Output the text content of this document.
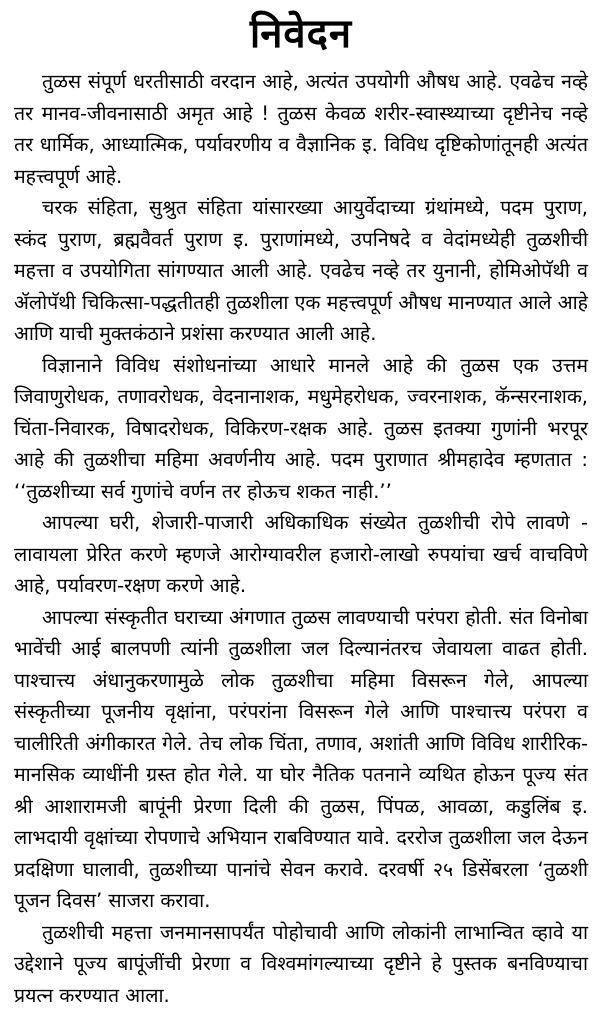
निवेदन

तुळस संपूर्ण धरतीसाठी वरदान आहे, अत्यंत उपयोगी औषध आहे. एवढेच नव्हे तर मानव-जीवनासाठी अमृत आहे ! तुळस केवळ शरीर-स्वास्थ्याच्या दृष्टीनेच नव्हे तर धार्मिक, आध्यात्मिक, पर्यावरणीय व वैज्ञानिक इ. विविध दृष्टिकोणांतूनही अत्यंत महत्त्वपूर्ण आहे.

चरक संहिता, सुश्रुत संहिता यांसारख्या आयुर्वेदाच्या ग्रंथांमध्ये, पदम पुराण, स्कंद पुराण, ब्रह्मवैवर्त पुराण इ. पुराणांमध्ये, उपनिषदे व वेदांमध्येही तुळशीची महत्ता व उपयोगिता सांगण्यात आली आहे. एवढेच नव्हे तर युनानी, होमिओपॅथी व ॲलोपॅथी चिकित्सा-पद्धतीतही तुळशीला एक महत्त्वपूर्ण औषध मानण्यात आले आहे आणि याची मुक्तकंठाने प्रशंसा करण्यात आली आहे.

विज्ञानाने विविध संशोधनांच्या आधारे मानले आहे की तुळस एक उत्तम जिवाणुरोधक, तणावरोधक, वेदनानाशक, मधुमेहरोधक, ज्वरनाशक, कॅन्सरनाशक, चिंता-निवारक, विषादरोधक, विकिरण-रक्षक आहे. तुळस इतक्या गुणांनी भरपूर आहे की तुळशीचा महिमा अवर्णनीय आहे. पदम पुराणात श्रीमहादेव म्हणतात : ‘‘तुळशीच्या सर्व गुणांचे वर्णन तर होऊच शकत नाही.’’

आपल्या घरी, शेजारी-पाजारी अधिकाधिक संख्येत तुळशीची रोपे लावणे - लावायला प्रेरित करणे म्हणजे आरोग्यावरील हजारो-लाखो रुपयांचा खर्च वाचविणे आहे, पर्यावरण-रक्षण करणे आहे.

आपल्या संस्कृतीत घराच्या अंगणात तुळस लावण्याची परंपरा होती. संत विनोबा भावेंची आई बालपणी त्यांनी तुळशीला जल दिल्यानंतरच जेवायला वाढत होती. पाश्चात्त्य अंधानुकरणामुळे लोक तुळशीचा महिमा विसरून गेले, आपल्या संस्कृतीच्या पूजनीय वृक्षांना, परंपरांना विसरून गेले आणि पाश्चात्त्य परंपरा व चालीरिती अंगीकारत गेले. तेच लोक चिंता, तणाव, अशांती आणि विविध शारीरिक-मानसिक व्याधींनी ग्रस्त होत गेले. या घोर नैतिक पतनाने व्यथित होऊन पूज्य संत श्री आशारामजी बापूंनी प्रेरणा दिली की तुळस, पिंपळ, आवळा, कडुलिंब इ. लाभदायी वृक्षांच्या रोपणाचे अभियान राबविण्यात यावे. दररोज तुळशीला जल देऊन प्रदक्षिणा घालावी, तुळशीच्या पानांचे सेवन करावे. दरवर्षी २५ डिसेंबरला ‘तुळशी पूजन दिवस’ साजरा करावा.

तुळशीची महत्ता जनमानसापर्यंत पोहोचावी आणि लोकांनी लाभान्वित व्हावे या उद्देशाने पूज्य बापूंजींची प्रेरणा व विश्वमांगल्याच्या दृष्टीने हे पुस्तक बनविण्याचा प्रयत्न करण्यात आला.
